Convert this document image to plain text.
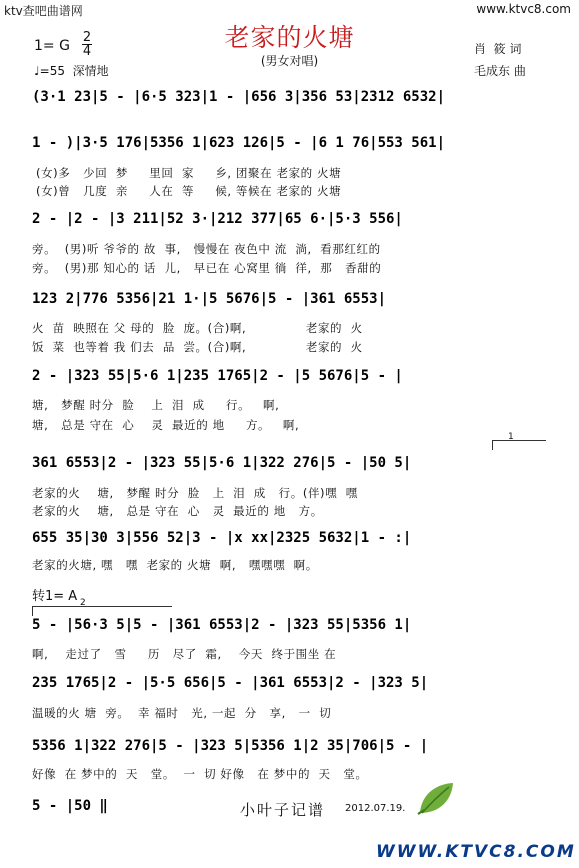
ktv查吧曲谱网	www.ktvc8.com
老家的火塘
(男女对唱)
1= G
2
4
♩=55  深情地
肖  筱 词
毛成东 曲
(3·1 23|5 - |6·5 323|1 - |656 3|356 53|2312 6532|
1 - )|3·5 176|5356 1|623 126|5 - |6 1 76|553 561|
(女)多   少回  梦     里回  家     乡, 团聚在 老家的 火塘
(女)曾   几度  亲     人在  等     候, 等候在 老家的 火塘
2 - |2 - |3 211|52 3·|212 377|65 6·|5·3 556|
旁。  (男)听 爷爷的 故  事,   慢慢在 夜色中 流  淌,  看那红红的
旁。  (男)那 知心的 话  儿,   早已在 心窝里 徜  徉,  那   香甜的
123 2|776 5356|21 1·|5 5676|5 - |361 6553|
火  苗  映照在 父 母的  脸  庞。(合)啊,              老家的  火
饭  菜  也等着 我 们去  品  尝。(合)啊,              老家的  火
2 - |323 55|5·6 1|235 1765|2 - |5 5676|5 - |
塘,   梦醒 时分  脸    上  泪  成     行。   啊,
塘,   总是 守在  心    灵  最近的 地     方。   啊,
1
361 6553|2 - |323 55|5·6 1|322 276|5 - |50 5|
老家的火    塘,   梦醒 时分  脸   上  泪  成   行。(伴)嘿  嘿
老家的火    塘,   总是 守在  心   灵  最近的 地   方。
655 35|30 3|556 52|3 - |x xx|2325 5632|1 - :|
老家的火塘, 嘿   嘿  老家的 火塘  啊,   嘿嘿嘿  啊。
转1= A 2
5 - |56·3 5|5 - |361 6553|2 - |323 55|5356 1|
啊,    走过了   雪     历   尽了  霜,    今天  终于围坐 在
235 1765|2 - |5·5 656|5 - |361 6553|2 - |323 5|
温暖的火 塘  旁。  幸 福时   光, 一起  分   享,   一  切
5356 1|322 276|5 - |323 5|5356 1|2 35|706|5 - |
好像  在 梦中的  天   堂。  一  切 好像   在 梦中的  天   堂。
5 - |50 ‖	小叶子记谱 2012.07.19.
WWW.KTVC8.COM
